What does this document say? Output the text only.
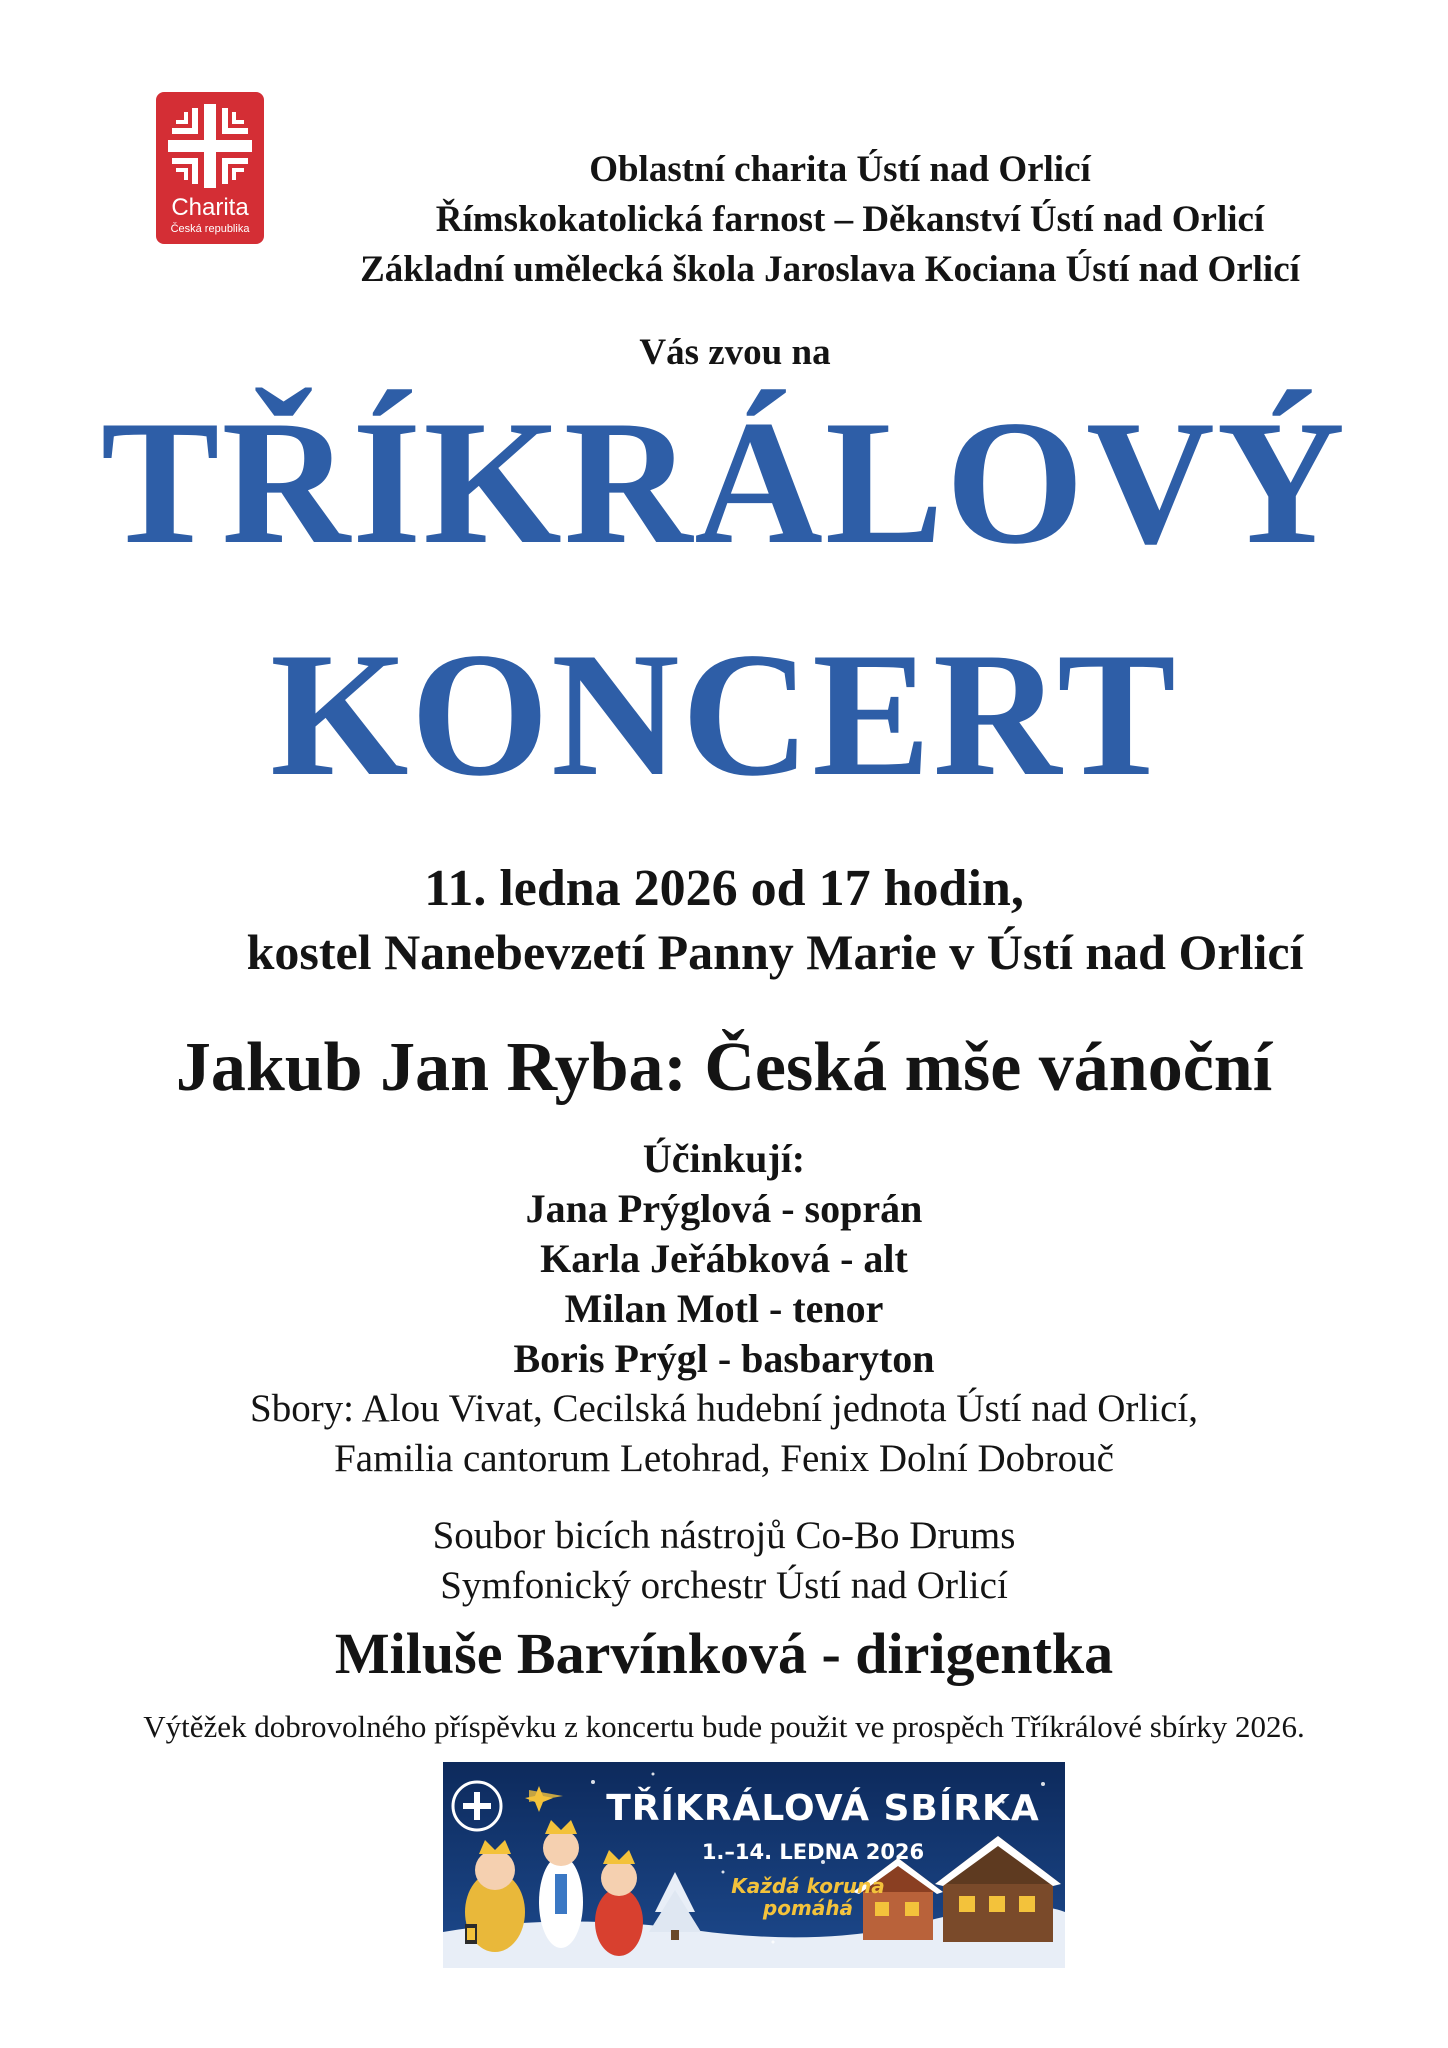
Charita
Česká republika
Oblastní charita Ústí nad Orlicí
Římskokatolická farnost – Děkanství Ústí nad Orlicí
Základní umělecká škola Jaroslava Kociana Ústí nad Orlicí
Vás zvou na
TŘÍKRÁLOVÝ
KONCERT
11. ledna 2026 od 17 hodin,
kostel Nanebevzetí Panny Marie v Ústí nad Orlicí
Jakub Jan Ryba: Česká mše vánoční
Účinkují:
Jana Prýglová - soprán
Karla Jeřábková - alt
Milan Motl - tenor
Boris Prýgl - basbaryton
Sbory: Alou Vivat, Cecilská hudební jednota Ústí nad Orlicí,
Familia cantorum Letohrad, Fenix Dolní Dobrouč
Soubor bicích nástrojů Co-Bo Drums
Symfonický orchestr Ústí nad Orlicí
Miluše Barvínková - dirigentka
Výtěžek dobrovolného příspěvku z koncertu bude použit ve prospěch Tříkrálové sbírky 2026.
TŘÍKRÁLOVÁ SBÍRKA
1.–14. LEDNA 2026
Každá koruna
pomáhá
